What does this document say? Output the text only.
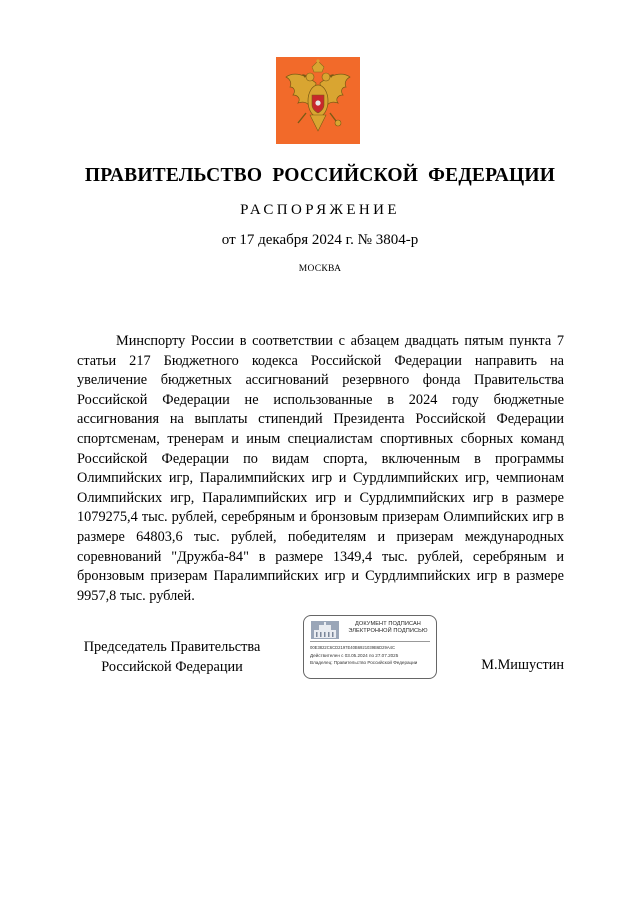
ПРАВИТЕЛЬСТВО РОССИЙСКОЙ ФЕДЕРАЦИИ
РАСПОРЯЖЕНИЕ
от 17 декабря 2024 г. № 3804-р
МОСКВА
Минспорту России в соответствии с абзацем двадцать пятым пункта 7 статьи 217 Бюджетного кодекса Российской Федерации направить на увеличение бюджетных ассигнований резервного фонда Правительства Российской Федерации не использованные в 2024 году бюджетные ассигнования на выплаты стипендий Президента Российской Федерации спортсменам, тренерам и иным специалистам спортивных сборных команд Российской Федерации по видам спорта, включенным в программы Олимпийских игр, Паралимпийских игр и Сурдлимпийских игр, чемпионам Олимпийских игр, Паралимпийских игр и Сурдлимпийских игр в размере 1079275,4 тыс. рублей, серебряным и бронзовым призерам Олимпийских игр в размере 64803,6 тыс. рублей, победителям и призерам международных соревнований "Дружба-84" в размере 1349,4 тыс. рублей, серебряным и бронзовым призерам Паралимпийских игр и Сурдлимпийских игр в размере 9957,8 тыс. рублей.
Председатель Правительства
Российской Федерации
ДОКУМЕНТ ПОДПИСАН
ЭЛЕКТРОННОЙ ПОДПИСЬЮ
00E3822C6CD2197E40B6921039B6D29A4C
Действителен с 03.05.2024 по 27.07.2025
Владелец: Правительство Российской Федерации	М.Мишустин
